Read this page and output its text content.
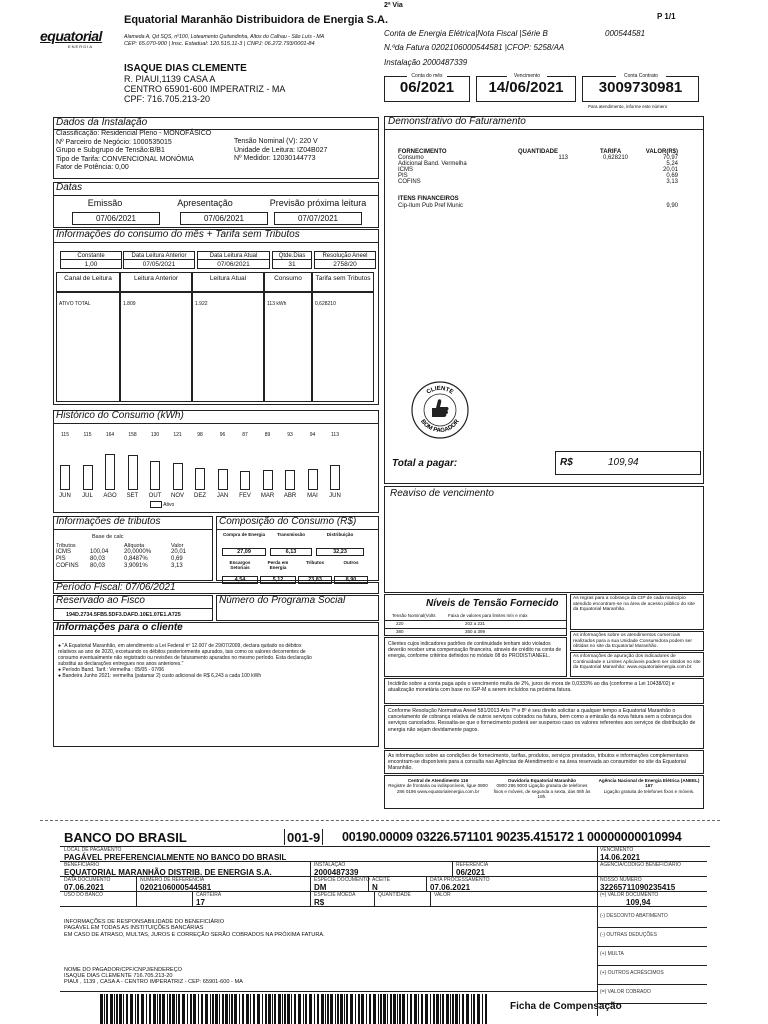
2ª Via
P 1/1
equatorial
ENERGIA
Equatorial Maranhão Distribuidora de Energia S.A.
Alameda A, Qd SQS, nº100, Loteamento Quitandinha, Altos do Calhau - São Luís - MA
CEP: 65.070-900 | Insc. Estadual: 120.515.11-3 | CNPJ: 06.272.793/0001-84
Conta de Energia Elétrica|Nota Fiscal |Série B	000544581
N.ºda Fatura 0202106000544581 |CFOP: 5258/AA
Instalação 2000487339
ISAQUE DIAS CLEMENTE
R. PIAUI,1139 CASA A
CENTRO 65901-600 IMPERATRIZ - MA
CPF: 716.705.213-20
Conta do mês
06/2021
Vencimento
14/06/2021
Conta Contrato
3009730981
Para atendimento, informe este número
Dados da Instalação
Classificação: Residencial Pleno - MONOFÁSICO
Nº Parceiro de Negócio: 1000535015
Grupo e Subgrupo de Tensão:B/B1
Tipo de Tarifa: CONVENCIONAL MONÔMIA
Fator de Potência: 0,00
Tensão Nominal (V): 220 V
Unidade de Leitura: IZ04B027
Nº Medidor: 12030144773
Datas
Emissão	Apresentação	Previsão próxima leitura
07/06/2021	07/06/2021	07/07/2021
Informações do consumo do mês + Tarifa sem Tributos
Constante
1,00
Data Leitura Anterior
07/05/2021
Data Leitura Atual
07/06/2021
Qtde.Dias
31
Resolução Aneel
2758/20
Canal de Leitura
ATIVO TOTAL
Leitura Anterior
1.809
Leitura Atual
1.922
Consumo
113 kWh
Tarifa sem Tributos
0,628210
Histórico do Consumo (kWh)
115
JUN
115
JUL
164
AGO
158
SET
130
OUT
121
NOV
98
DEZ
96
JAN
87
FEV
89
MAR
93
ABR
94
MAI
113
JUN
Ativo
Informações de tributos
Base de calc
Tributos	Alíquota	Valor
ICMS	100,04	20,0000%	20,01
PIS	80,03	0,8487%	0,69
COFINS 80,03	3,9091%	3,13
Composição do Consumo (R$)
Compra de Energia
27,09
Transmissão
6,13
Distribuição
32,23
Encargos Setoriais
4,54
Perda em Energia
5,12
Tributos
23,83
Outros
8,90
Período Fiscal: 07/06/2021
Reservado ao Fisco
194D.2734.5FB5.5DF3.DAFD.10E1.07E1.A725
Número do Programa Social
Informações para o cliente
● "A Equatorial Maranhão, em atendimento a Lei Federal nº 12.007 de 29/07/2009, declara quitado os débitos relativos ao ano de 2020, excetuando os débitos posteriormente apurados, tais como os valores decorrentes de consumo eventualmente não registrado ou revisões de faturamento apurados no mesmo período. Esta declaração substitui as declarações entregues nos anos anteriores."
● Período Band. Tarif.: Vermelha : 05/05 - 07/06
● Bandeira Junho 2021: vermelha (patamar 2) custo adicional de R$ 6,243 a cada 100 kWh
Demonstrativo do Faturamento
FORNECIMENTO	QUANTIDADE	TARIFA	VALOR(R$)
Consumo	113	0,628210	70,97
Adicional Band. Vermelha	5,24
ICMS	20,01
PIS	0,69
COFINS	3,13
ITENS FINANCEIROS
Cip-Ilum Pub Pref Munic	9,90
CLIENTE
BOM PAGADOR
Total a pagar:	R$	109,94
Reaviso de vencimento
Níveis de Tensão Fornecido
Tensão Nominal(Volts	Faixa de valores para limites mín e máx
220	202 a 231
380	350 a 399
As regras para a cobrança da CIP de cada município atendido encontram-se na área de acesso público do site da Equatorial Maranhão.
Clientes cujos indicadores padrões de continuidade tenham sido violados deverão receber uma compensação financeira, através de crédito na conta de energia, conforme critérios definidos no módulo 08 do PRODIST/ANEEL.
As informações sobre os atendimentos comerciais realizados para a sua Unidade Consumidora podem ser obtidas no site da Equatorial Maranhão.
As informações de apuração dos indicadores de Continuidade e Limites Aplicáveis podem ser obtidos no site da Equatorial Maranhão: www.equatorialenergia.com.br.
Incidirão sobre a conta paga após o vencimento multa de 2%, juros de mora de 0,0333% ao dia (conforme a Lei 10438/02) e atualização monetária com base no IGP-M a serem incluídos na próxima fatura.
Conforme Resolução Normativa Aneel 581/2013 Arts 7º e 8º é seu direito solicitar a qualquer tempo a Equatorial Maranhão o cancelamento de cobrança relativa de outros serviços cobrados na fatura, bem como a emissão da nova fatura sem a cobrança dos serviços cancelados. Ressalta-se que o fornecimento poderá ser suspenso caso os valores referentes aos serviços de distribuição de energia não sejam devidamente pagos.
As informações sobre as condições de fornecimento, tarifas, produtos, serviços prestados, tributos e informações complementares encontram-se disponíveis para a consulta nas Agências de Atendimento e na área reservada ao consumidor no site da Equatorial Maranhão.
Central de Atendimento 116
Registre de frontaria ou indisponíveis, ligue 0800 286 0196 www.equatorialenergia.com.br
Ouvidoria Equatorial Maranhão
0800 286 9003 Ligação gratuita de telefones fixos e móveis, de segunda a sexta, das 08h às 18h.
Agência Nacional de Energia Elétrica (ANEEL) 167
Ligação gratuita de telefones fixos e móveis.
BANCO DO BRASIL	001-9 00190.00009 03226.571101 90235.415172 1 00000000010994
LOCAL DE PAGAMENTO
PAGÁVEL PREFERENCIALMENTE NO BANCO DO BRASIL
BENEFICIÁRIO
EQUATORIAL MARANHÃO DISTRIB. DE ENERGIA S.A.
INSTALAÇÃO
2000487339
REFERÊNCIA
06/2021
DATA DOCUMENTO
07.06.2021
NÚMERO DE REFERÊNCIA
0202106000544581
ESPÉCIE DOCUMENTO
DM
ACEITE
N
DATA PROCESSAMENTO
07.06.2021
USO DO BANCO	CARTEIRA
17
ESPÉCIE MOEDA
R$
QUANTIDADE	VALOR
VENCIMENTO
14.06.2021
AGÊNCIA/CÓDIGO BENEFICIÁRIO
NOSSO NÚMERO
32265711090235415
(=) VALOR DOCUMENTO
109,94
(-) DESCONTO ABATIMENTO
(-) OUTRAS DEDUÇÕES
(+) MULTA
(+) OUTROS ACRÉSCIMOS
(=) VALOR COBRADO
INFORMAÇÕES DE RESPONSABILIDADE DO BENEFICIÁRIO
PAGÁVEL EM TODAS AS INSTITUIÇÕES BANCÁRIAS
EM CASO DE ATRASO, MULTAS, JUROS E CORREÇÃO SERÃO COBRADOS NA PRÓXIMA FATURA.
NOME DO PAGADOR/CPF/CNPJ/ENDEREÇO
ISAQUE DIAS CLEMENTE 716.705.213-20
PIAUI , 1139 , CASA A - CENTRO IMPERATRIZ - CEP: 65901-600 - MA
Ficha de Compensação
